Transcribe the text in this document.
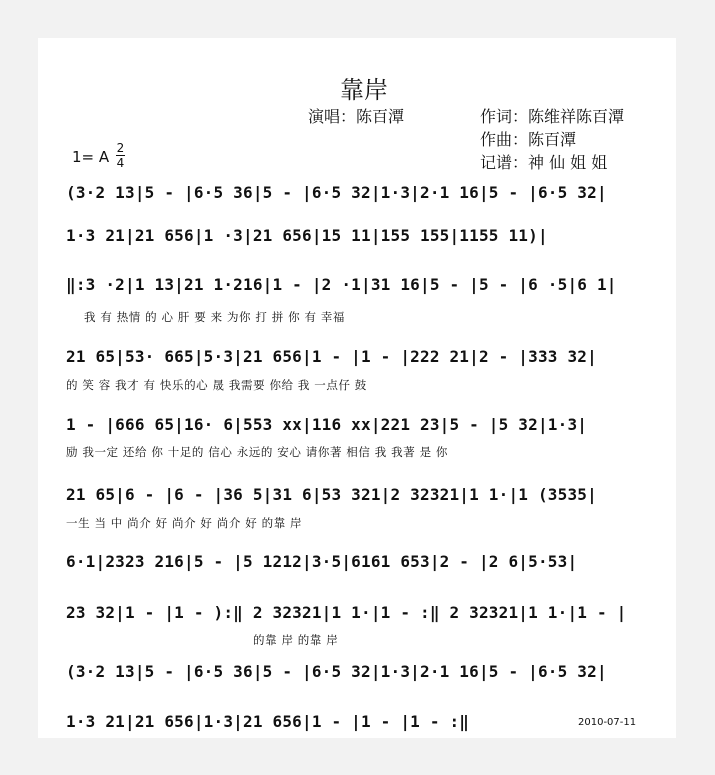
靠岸
演唱：陈百潭	作词：陈维祥陈百潭
作曲：陈百潭
记谱：神 仙 姐 姐
1= A 2
4
(3·2 13|5 - |6·5 36|5 - |6·5 32|1·3|2·1 16|5 - |6·5 32|
1·3 21|21 656|1 ·3|21 656|15 11|155 155|1155 11)|
‖:3 ·2|1 13|21 1·216|1 - |2 ·1|31 16|5 - |5 - |6 ·5|6 1|
我 有 热情 的 心 肝 要 来 为你 打 拼 你 有 幸福
21 65|53· 665|5·3|21 656|1 - |1 - |222 21|2 - |333 32|
的 笑 容 我才 有 快乐的心 晟 我需要 你给 我 一点仔 鼓
1 - |666 65|16· 6|553 xx|116 xx|221 23|5 - |5 32|1·3|
励 我一定 还给 你 十足的 信心 永远的 安心 请你著 相信 我 我著 是 你
21 65|6 - |6 - |36 5|31 6|53 321|2 32321|1 1·|1 (3535|
一生 当 中 尚介 好 尚介 好 尚介 好 的靠 岸
6·1|2323 216|5 - |5 1212|3·5|6161 653|2 - |2 6|5·53|
23 32|1 - |1 - ):‖ 2 32321|1 1·|1 - :‖ 2 32321|1 1·|1 - |
的靠 岸 的靠 岸
(3·2 13|5 - |6·5 36|5 - |6·5 32|1·3|2·1 16|5 - |6·5 32|
1·3 21|21 656|1·3|21 656|1 - |1 - |1 - :‖	2010-07-11
